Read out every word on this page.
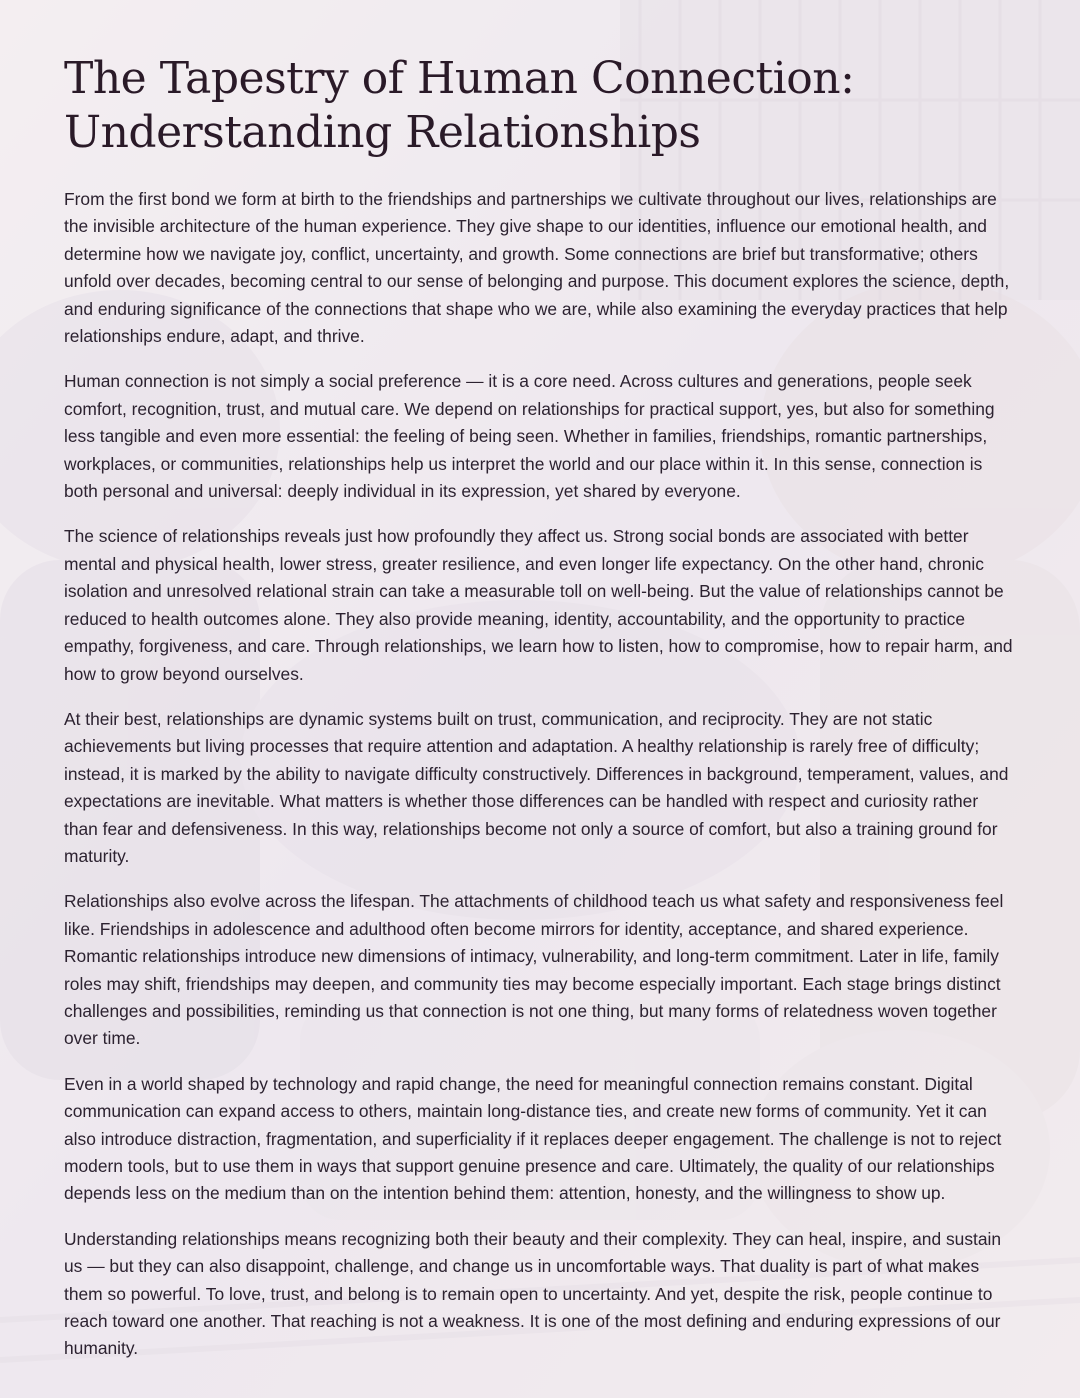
The Tapestry of Human Connection:
Understanding Relationships

From the first bond we form at birth to the friendships and partnerships we cultivate throughout our lives, relationships are the invisible architecture of the human experience. They give shape to our identities, influence our emotional health, and determine how we navigate joy, conflict, uncertainty, and growth. Some connections are brief but transformative; others unfold over decades, becoming central to our sense of belonging and purpose. This document explores the science, depth, and enduring significance of the connections that shape who we are, while also examining the everyday practices that help relationships endure, adapt, and thrive.

Human connection is not simply a social preference — it is a core need. Across cultures and generations, people seek comfort, recognition, trust, and mutual care. We depend on relationships for practical support, yes, but also for something less tangible and even more essential: the feeling of being seen. Whether in families, friendships, romantic partnerships, workplaces, or communities, relationships help us interpret the world and our place within it. In this sense, connection is both personal and universal: deeply individual in its expression, yet shared by everyone.

The science of relationships reveals just how profoundly they affect us. Strong social bonds are associated with better mental and physical health, lower stress, greater resilience, and even longer life expectancy. On the other hand, chronic isolation and unresolved relational strain can take a measurable toll on well-being. But the value of relationships cannot be reduced to health outcomes alone. They also provide meaning, identity, accountability, and the opportunity to practice empathy, forgiveness, and care. Through relationships, we learn how to listen, how to compromise, how to repair harm, and how to grow beyond ourselves.

At their best, relationships are dynamic systems built on trust, communication, and reciprocity. They are not static achievements but living processes that require attention and adaptation. A healthy relationship is rarely free of difficulty; instead, it is marked by the ability to navigate difficulty constructively. Differences in background, temperament, values, and expectations are inevitable. What matters is whether those differences can be handled with respect and curiosity rather than fear and defensiveness. In this way, relationships become not only a source of comfort, but also a training ground for maturity.

Relationships also evolve across the lifespan. The attachments of childhood teach us what safety and responsiveness feel like. Friendships in adolescence and adulthood often become mirrors for identity, acceptance, and shared experience. Romantic relationships introduce new dimensions of intimacy, vulnerability, and long-term commitment. Later in life, family roles may shift, friendships may deepen, and community ties may become especially important. Each stage brings distinct challenges and possibilities, reminding us that connection is not one thing, but many forms of relatedness woven together over time.

Even in a world shaped by technology and rapid change, the need for meaningful connection remains constant. Digital communication can expand access to others, maintain long-distance ties, and create new forms of community. Yet it can also introduce distraction, fragmentation, and superficiality if it replaces deeper engagement. The challenge is not to reject modern tools, but to use them in ways that support genuine presence and care. Ultimately, the quality of our relationships depends less on the medium than on the intention behind them: attention, honesty, and the willingness to show up.

Understanding relationships means recognizing both their beauty and their complexity. They can heal, inspire, and sustain us — but they can also disappoint, challenge, and change us in uncomfortable ways. That duality is part of what makes them so powerful. To love, trust, and belong is to remain open to uncertainty. And yet, despite the risk, people continue to reach toward one another. That reaching is not a weakness. It is one of the most defining and enduring expressions of our humanity.
